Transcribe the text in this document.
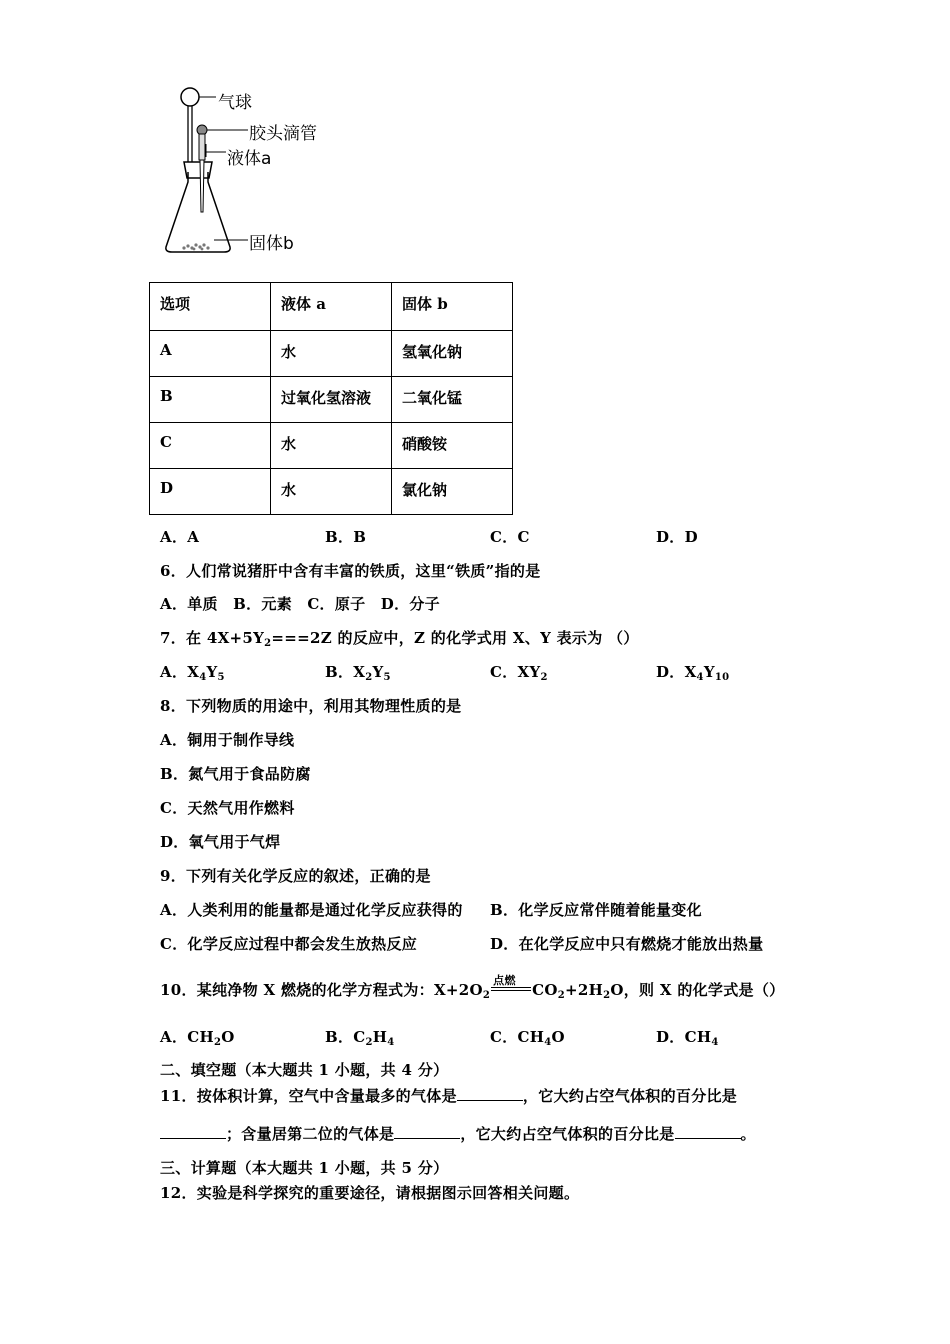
气球
胶头滴管
液体a
固体b
选项	液体 a	固体 b
A	水	氢氧化钠
B	过氧化氢溶液	二氧化锰
C	水	硝酸铵
D	水	氯化钠
A．A	B．B	C．C	D．D
6．人们常说猪肝中含有丰富的铁质，这里“铁质”指的是
A．单质　B．元素　C．原子　D．分子
7．在 $4X+5Y_2===2Z$ 的反应中，Z 的化学式用 X、Y 表示为 （）
A．$X_4Y_5$	B．$X_2Y_5$	C．$XY_2$	D．$X_4Y_{10}$
8．下列物质的用途中，利用其物理性质的是
A．铜用于制作导线
B．氮气用于食品防腐
C．天然气用作燃料
D．氧气用于气焊
9．下列有关化学反应的叙述，正确的是
A．人类利用的能量都是通过化学反应获得的 B．化学反应常伴随着能量变化
C．化学反应过程中都会发生放热反应	D．在化学反应中只有燃烧才能放出热量
10．某纯净物 X 燃烧的化学方程式为：$X+2O_2$
点燃
$CO_2+2H_2O$，则 X 的化学式是（）
A．$CH_2O$	B．$C_2H_4$	C．$CH_4O$	D．$CH_4$
二、填空题（本大题共 1 小题，共 4 分）
11．按体积计算，空气中含量最多的气体是	，它大约占空气体积的百分比是
；含量居第二位的气体是	，它大约占空气体积的百分比是	。
三、计算题（本大题共 1 小题，共 5 分）
12．实验是科学探究的重要途径，请根据图示回答相关问题。
